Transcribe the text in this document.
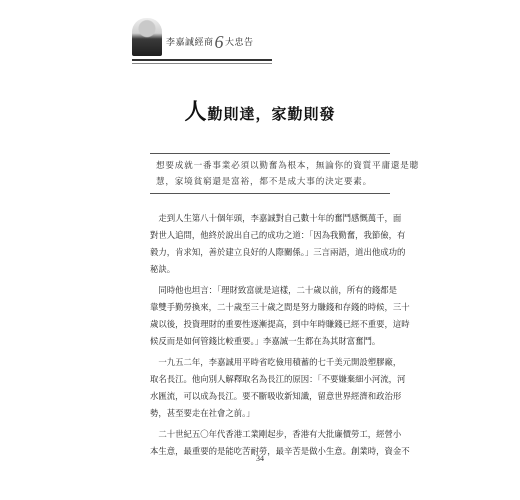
李嘉誠經商6大忠告
人勤則達，家勤則發
想要成就一番事業必須以勤奮為根本，無論你的資質平庸還是聰
慧，家境貧窮還是富裕，都不是成大事的決定要素。
　走到人生第八十個年頭，李嘉誠對自己數十年的奮鬥感慨萬千，面
對世人追問，他終於說出自己的成功之道：「因為我勤奮，我節儉，有
毅力，肯求知，善於建立良好的人際關係。」三言兩語，道出他成功的
秘訣。
　同時他也坦言：「理財致富就是這樣，二十歲以前，所有的錢都是
靠雙手勤勞換來，二十歲至三十歲之間是努力賺錢和存錢的時候，三十
歲以後，投資理財的重要性逐漸提高，到中年時賺錢已經不重要，這時
候反而是如何管錢比較重要。」李嘉誠一生都在為其財富奮鬥。
　一九五二年，李嘉誠用平時省吃儉用積蓄的七千美元開設塑膠廠，
取名長江。他向別人解釋取名為長江的原因：「不要嫌棄細小河流，河
水匯流，可以成為長江。要不斷吸收新知識，留意世界經濟和政治形
勢，甚至要走在社會之前。」
　二十世紀五〇年代香港工業剛起步，香港有大批廉價勞工，經營小
本生意，最重要的是能吃苦耐勞，最辛苦是做小生意。創業時，資金不
34
